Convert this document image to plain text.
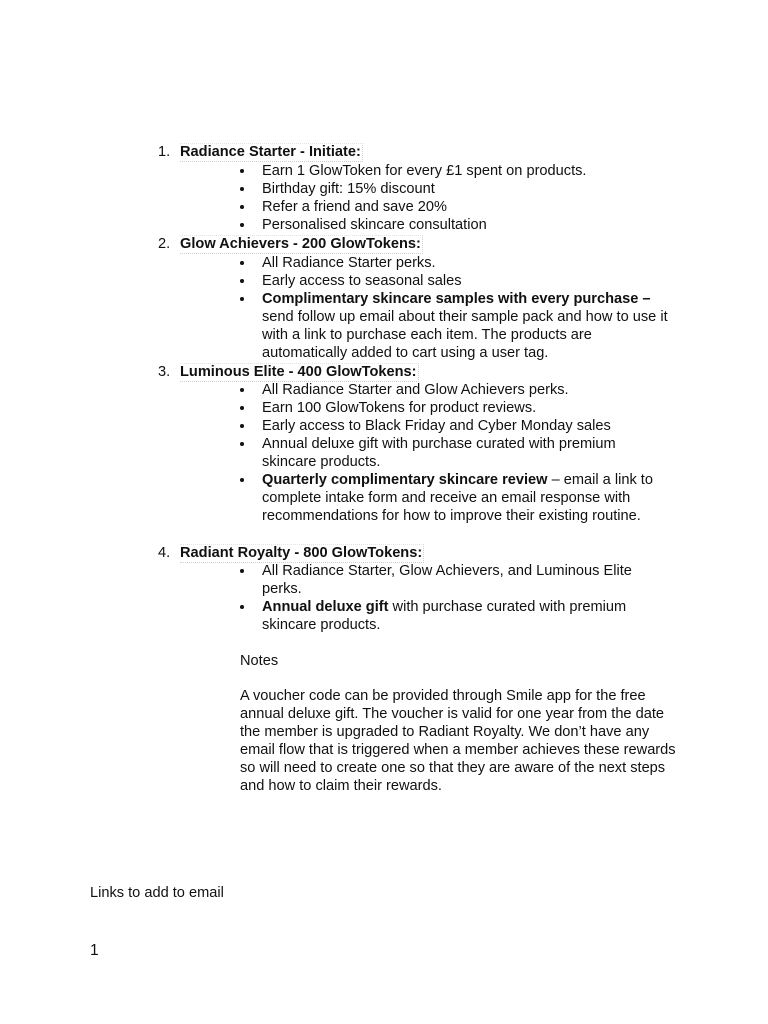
1. Radiance Starter - Initiate:
Earn 1 GlowToken for every £1 spent on products.
Birthday gift: 15% discount
Refer a friend and save 20%
Personalised skincare consultation
2. Glow Achievers - 200 GlowTokens:
All Radiance Starter perks.
Early access to seasonal sales
Complimentary skincare samples with every purchase – send follow up email about their sample pack and how to use it with a link to purchase each item. The products are automatically added to cart using a user tag.
3. Luminous Elite - 400 GlowTokens:
All Radiance Starter and Glow Achievers perks.
Earn 100 GlowTokens for product reviews.
Early access to Black Friday and Cyber Monday sales
Annual deluxe gift with purchase curated with premium skincare products.
Quarterly complimentary skincare review – email a link to complete intake form and receive an email response with recommendations for how to improve their existing routine.
4. Radiant Royalty - 800 GlowTokens:
All Radiance Starter, Glow Achievers, and Luminous Elite perks.
Annual deluxe gift with purchase curated with premium skincare products.
Notes
A voucher code can be provided through Smile app for the free annual deluxe gift. The voucher is valid for one year from the date the member is upgraded to Radiant Royalty. We don’t have any email flow that is triggered when a member achieves these rewards so will need to create one so that they are aware of the next steps and how to claim their rewards.
Links to add to email
1
